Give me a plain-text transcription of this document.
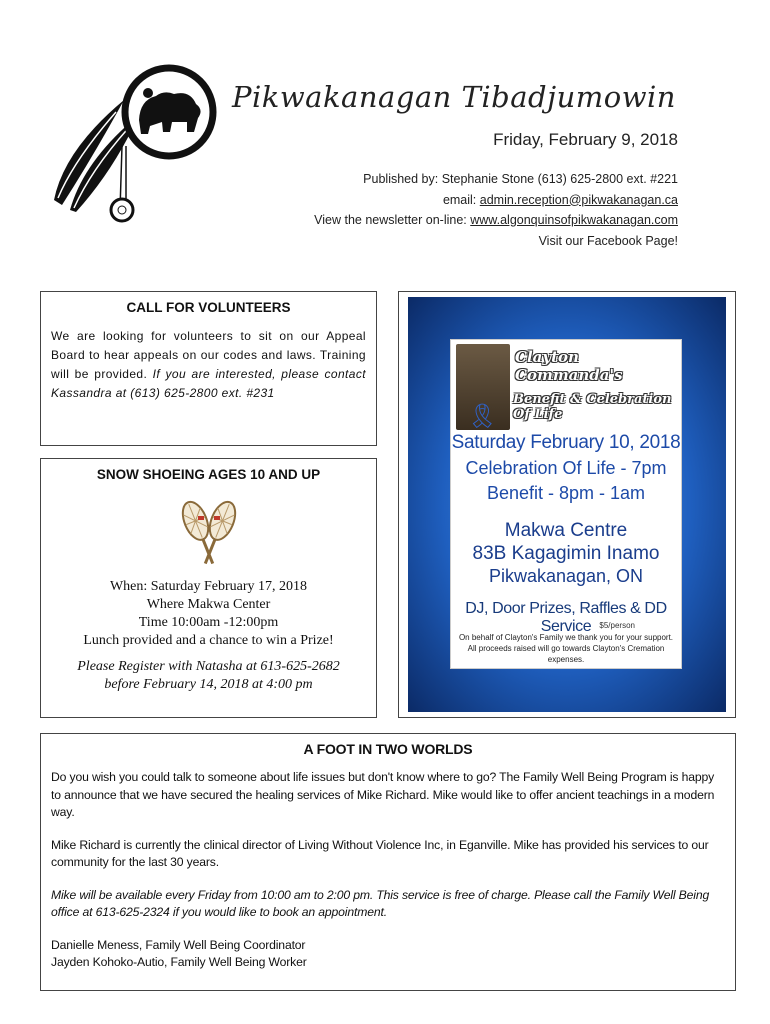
Pikwakanagan Tibadjumowin
Friday, February 9, 2018
Published by: Stephanie Stone (613) 625-2800 ext. #221
email: admin.reception@pikwakanagan.ca
View the newsletter on-line: www.algonquinsofpikwakanagan.com
Visit our Facebook Page!
CALL FOR VOLUNTEERS
We are looking for volunteers to sit on our Appeal Board to hear appeals on our codes and laws. Training will be provided. If you are interested, please contact Kassandra at (613) 625-2800 ext. #231
SNOW SHOEING AGES 10 AND UP
When: Saturday February 17, 2018
Where Makwa Center
Time 10:00am -12:00pm
Lunch provided and a chance to win a Prize!
Please Register with Natasha at 613-625-2682
before February 14, 2018 at 4:00 pm
🎗
Clayton Commanda's
Benefit & Celebration Of Life
Saturday February 10, 2018
Celebration Of Life - 7pm
Benefit - 8pm - 1am
Makwa Centre
83B Kagagimin Inamo
Pikwakanagan, ON
DJ, Door Prizes, Raffles & DD Service	$5/person
On behalf of Clayton's Family we thank you for your support.
All proceeds raised will go towards Clayton's Cremation expenses.
A FOOT IN TWO WORLDS

Do you wish you could talk to someone about life issues but don't know where to go? The Family Well Being Program is happy to announce that we have secured the healing services of Mike Richard. Mike would like to offer ancient teachings in a modern way.

Mike Richard is currently the clinical director of Living Without Violence Inc, in Eganville. Mike has provided his services to our community for the last 30 years.

Mike will be available every Friday from 10:00 am to 2:00 pm. This service is free of charge. Please call the Family Well Being office at 613-625-2324 if you would like to book an appointment.

Danielle Meness, Family Well Being Coordinator
Jayden Kohoko-Autio, Family Well Being Worker
